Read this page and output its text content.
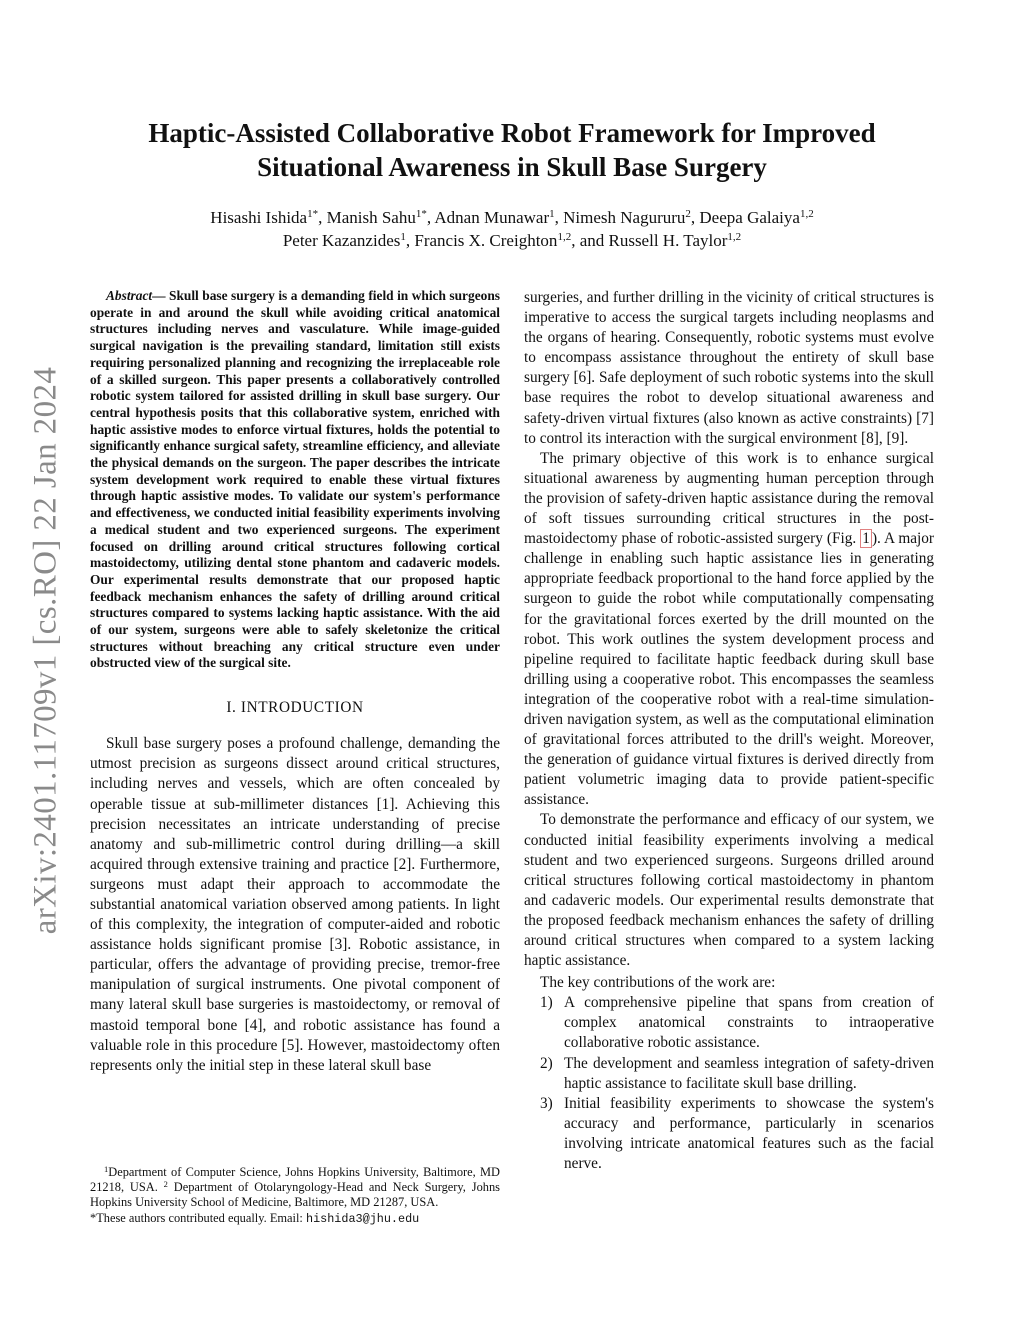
arXiv:2401.11709v1 [cs.RO] 22 Jan 2024
Haptic-Assisted Collaborative Robot Framework for Improved
Situational Awareness in Skull Base Surgery
Hisashi Ishida$^{1*}$, Manish Sahu$^{1*}$, Adnan Munawar$^1$, Nimesh Nagururu$^2$, Deepa Galaiya$^{1,2}$
Peter Kazanzides$^1$, Francis X. Creighton$^{1,2}$, and Russell H. Taylor$^{1,2}$

Abstract— Skull base surgery is a demanding field in which surgeons operate in and around the skull while avoiding critical anatomical structures including nerves and vasculature. While image-guided surgical navigation is the prevailing standard, limitation still exists requiring personalized planning and recognizing the irreplaceable role of a skilled surgeon. This paper presents a collaboratively controlled robotic system tailored for assisted drilling in skull base surgery. Our central hypothesis posits that this collaborative system, enriched with haptic assistive modes to enforce virtual fixtures, holds the potential to significantly enhance surgical safety, streamline efficiency, and alleviate the physical demands on the surgeon. The paper describes the intricate system development work required to enable these virtual fixtures through haptic assistive modes. To validate our system's performance and effectiveness, we conducted initial feasibility experiments involving a medical student and two experienced surgeons. The experiment focused on drilling around critical structures following cortical mastoidectomy, utilizing dental stone phantom and cadaveric models. Our experimental results demonstrate that our proposed haptic feedback mechanism enhances the safety of drilling around critical structures compared to systems lacking haptic assistance. With the aid of our system, surgeons were able to safely skeletonize the critical structures without breaching any critical structure even under obstructed view of the surgical site.

I. INTRODUCTION

Skull base surgery poses a profound challenge, demanding the utmost precision as surgeons dissect around critical structures, including nerves and vessels, which are often concealed by operable tissue at sub-millimeter distances [1]. Achieving this precision necessitates an intricate understanding of precise anatomy and sub-millimetric control during drilling—a skill acquired through extensive training and practice [2]. Furthermore, surgeons must adapt their approach to accommodate the substantial anatomical variation observed among patients. In light of this complexity, the integration of computer-aided and robotic assistance holds significant promise [3]. Robotic assistance, in particular, offers the advantage of providing precise, tremor-free manipulation of surgical instruments. One pivotal component of many lateral skull base surgeries is mastoidectomy, or removal of mastoid temporal bone [4], and robotic assistance has found a valuable role in this procedure [5]. However, mastoidectomy often represents only the initial step in these lateral skull base

surgeries, and further drilling in the vicinity of critical structures is imperative to access the surgical targets including neoplasms and the organs of hearing. Consequently, robotic systems must evolve to encompass assistance throughout the entirety of skull base surgery [6]. Safe deployment of such robotic systems into the skull base requires the robot to develop situational awareness and safety-driven virtual fixtures (also known as active constraints) [7] to control its interaction with the surgical environment [8], [9].

The primary objective of this work is to enhance surgical situational awareness by augmenting human perception through the provision of safety-driven haptic assistance during the removal of soft tissues surrounding critical structures in the post-mastoidectomy phase of robotic-assisted surgery (Fig. 1 ). A major challenge in enabling such haptic assistance lies in generating appropriate feedback proportional to the hand force applied by the surgeon to guide the robot while computationally compensating for the gravitational forces exerted by the drill mounted on the robot. This work outlines the system development process and pipeline required to facilitate haptic feedback during skull base drilling using a cooperative robot. This encompasses the seamless integration of the cooperative robot with a real-time simulation-driven navigation system, as well as the computational elimination of gravitational forces attributed to the drill's weight. Moreover, the generation of guidance virtual fixtures is derived directly from patient volumetric imaging data to provide patient-specific assistance.

To demonstrate the performance and efficacy of our system, we conducted initial feasibility experiments involving a medical student and two experienced surgeons. Surgeons drilled around critical structures following cortical mastoidectomy in phantom and cadaveric models. Our experimental results demonstrate that the proposed feedback mechanism enhances the safety of drilling around critical structures when compared to a system lacking haptic assistance.

The key contributions of the work are:

1) A comprehensive pipeline that spans from creation of complex anatomical constraints to intraoperative collaborative robotic assistance.
2) The development and seamless integration of safety-driven haptic assistance to facilitate skull base drilling.
3) Initial feasibility experiments to showcase the system's accuracy and performance, particularly in scenarios involving intricate anatomical features such as the facial nerve.

$^1$Department of Computer Science, Johns Hopkins University, Baltimore, MD 21218, USA. $^2$ Department of Otolaryngology-Head and Neck Surgery, Johns Hopkins University School of Medicine, Baltimore, MD 21287, USA.

*These authors contributed equally. Email: hishida3@jhu.edu
